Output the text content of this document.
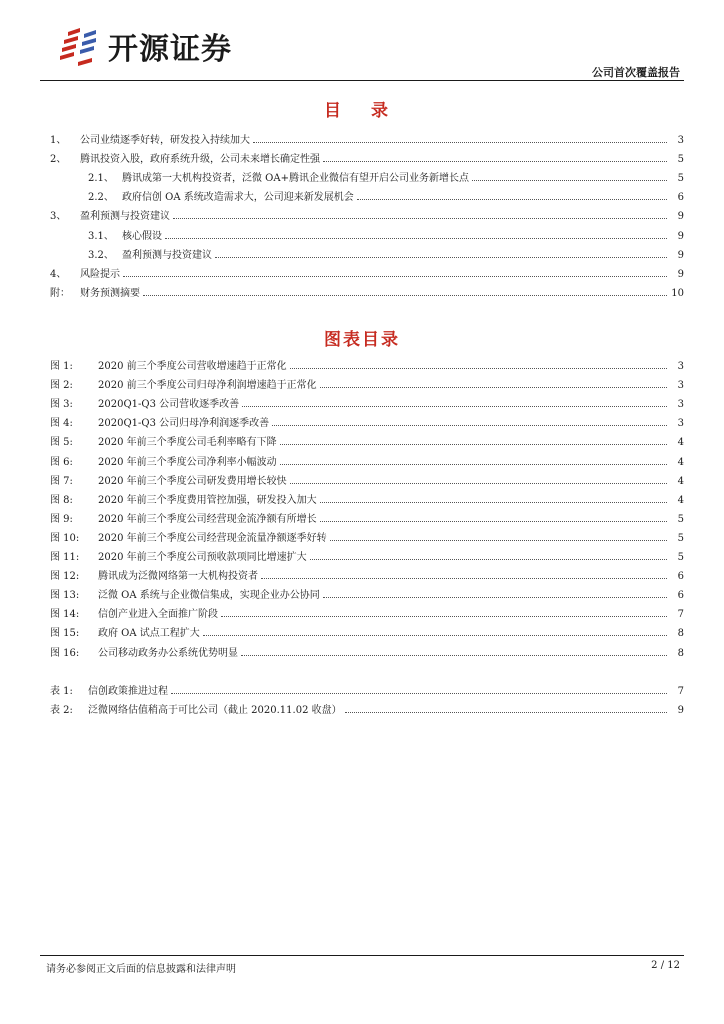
开源证券
公司首次覆盖报告
目 录
1、	公司业绩逐季好转，研发投入持续加大	3
2、	腾讯投资入股，政府系统升级，公司未来增长确定性强	5
2.1、 腾讯成第一大机构投资者，泛微 OA+腾讯企业微信有望开启公司业务新增长点	5
2.2、 政府信创 OA 系统改造需求大，公司迎来新发展机会	6
3、	盈利预测与投资建议	9
3.1、 核心假设	9
3.2、 盈利预测与投资建议	9
4、	风险提示	9
附：	财务预测摘要	10
图表目录
图 1:	2020 前三个季度公司营收增速趋于正常化	3
图 2:	2020 前三个季度公司归母净利润增速趋于正常化	3
图 3:	2020Q1-Q3 公司营收逐季改善	3
图 4:	2020Q1-Q3 公司归母净利润逐季改善	3
图 5:	2020 年前三个季度公司毛利率略有下降	4
图 6:	2020 年前三个季度公司净利率小幅波动	4
图 7:	2020 年前三个季度公司研发费用增长较快	4
图 8:	2020 年前三个季度费用管控加强，研发投入加大	4
图 9:	2020 年前三个季度公司经营现金流净额有所增长	5
图 10:	2020 年前三个季度公司经营现金流量净额逐季好转	5
图 11:	2020 年前三个季度公司预收款项同比增速扩大	5
图 12:	腾讯成为泛微网络第一大机构投资者	6
图 13:	泛微 OA 系统与企业微信集成，实现企业办公协同	6
图 14:	信创产业进入全面推广阶段	7
图 15:	政府 OA 试点工程扩大	8
图 16:	公司移动政务办公系统优势明显	8
表 1:	信创政策推进过程	7
表 2:	泛微网络估值稍高于可比公司（截止 2020.11.02 收盘）	9
请务必参阅正文后面的信息披露和法律声明	2 / 12
